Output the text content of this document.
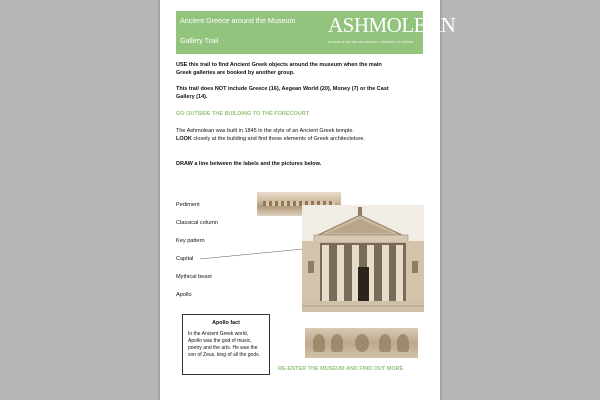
Ancient Greece around the Museum
Gallery Trail
ASHMOLEAN
MUSEUM OF ART AND ARCHAEOLOGY UNIVERSITY OF OXFORD
USE this trail to find Ancient Greek objects around the museum when the main
Greek galleries are booked by another group.
This trail does NOT include Greece (16), Aegean World (20), Money (7) or the Cast
Gallery (14).
GO OUTSIDE THE BUILDING TO THE FORECOURT
The Ashmolean was built in 1845 in the style of an Ancient Greek temple.
LOOK closely at the building and find these elements of Greek architecteture.
DRAW a line between the labels and the pictures below.
Pediment
Classical column
Key pattern
Capital
Mythical beast
Apollo
Apollo fact
In the Ancient Greek world,
Apollo was the god of music,
poetry and the arts. He was the
son of Zeus, king of all the gods.
RE-ENTER THE MUSEUM AND FIND OUT MORE
